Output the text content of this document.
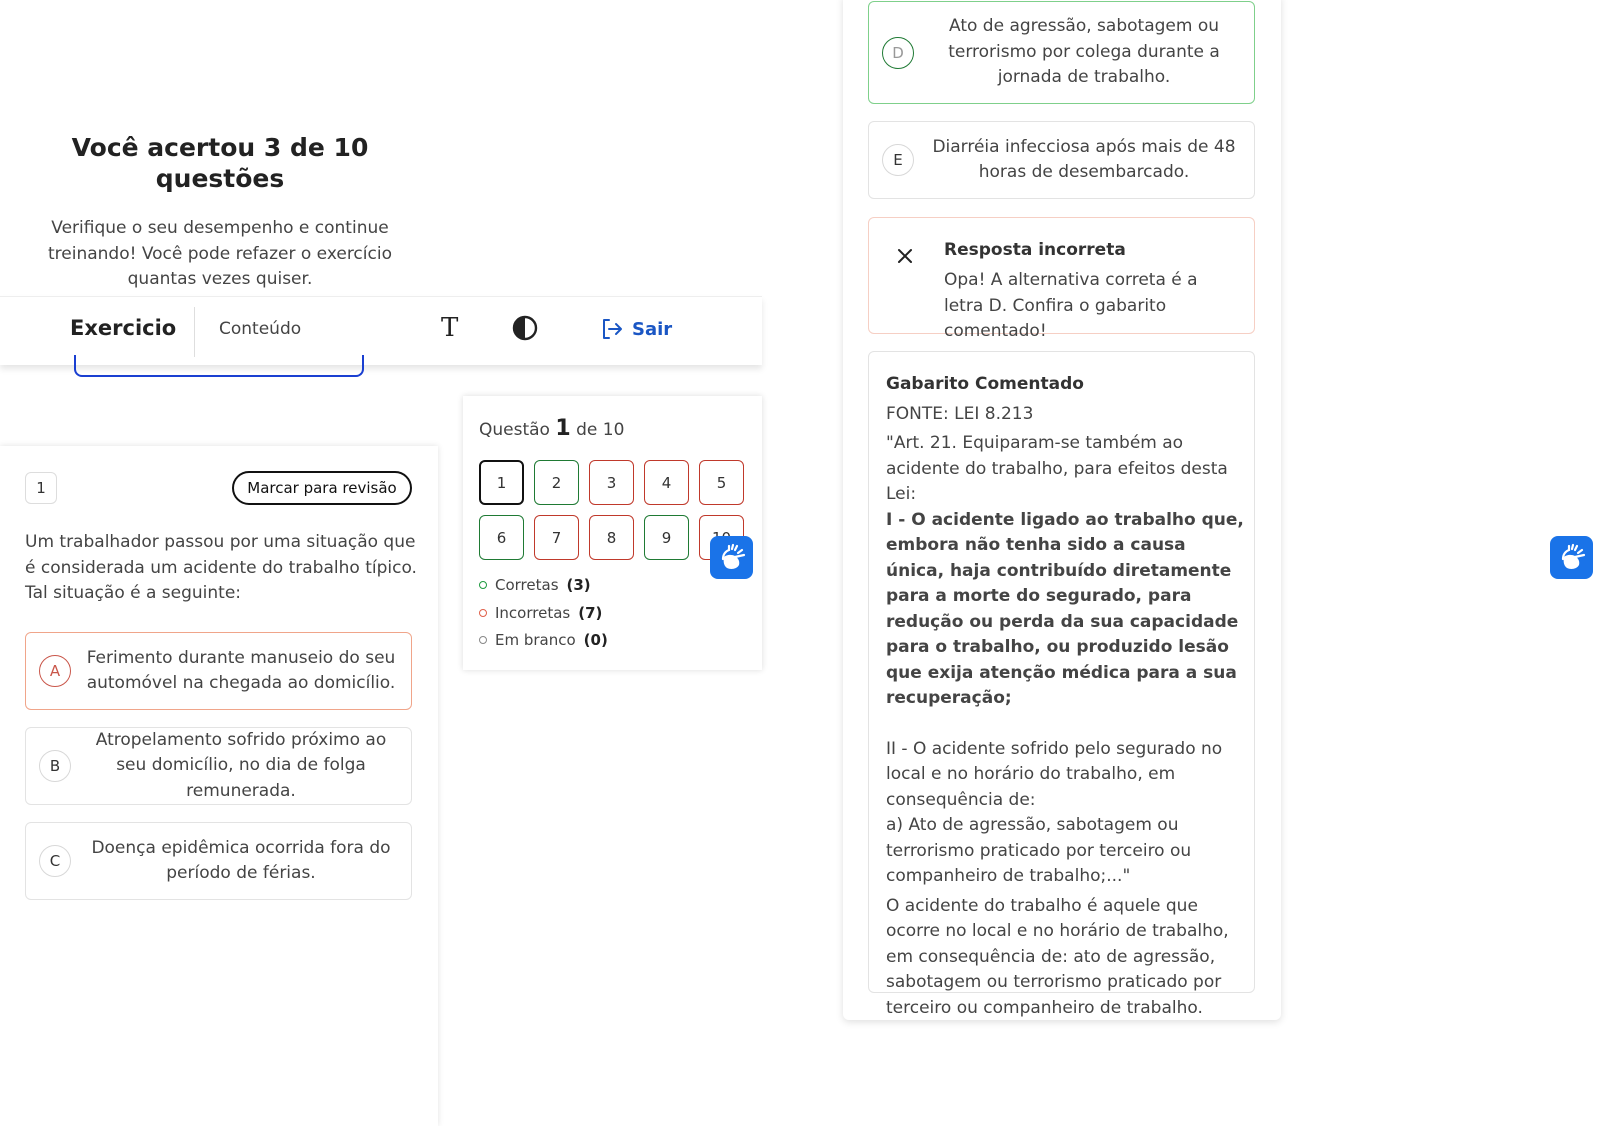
Você acertou 3 de 10 questões
Verifique o seu desempenho e continue treinando! Você pode refazer o exercício quantas vezes quiser.
Exercicio	Conteúdo	T	Sair
1	Marcar para revisão
Um trabalhador passou por uma situação que é considerada um acidente do trabalho típico.
Tal situação é a seguinte:
A
Ferimento durante manuseio do seu automóvel na chegada ao domicílio.
B
Atropelamento sofrido próximo ao seu domicílio, no dia de folga remunerada.
C
Doença epidêmica ocorrida fora do período de férias.
Questão 1 de 10
1	2	3	4	5
6	7	8	9
Corretas (3)
Incorretas (7)
Em branco (0)
D
Ato de agressão, sabotagem ou terrorismo por colega durante a jornada de trabalho.
E
Diarréia infecciosa após mais de 48 horas de desembarcado.
Resposta incorreta
Opa! A alternativa correta é a letra D. Confira o gabarito comentado!

Gabarito Comentado

FONTE: LEI 8.213

"Art. 21. Equiparam-se também ao acidente do trabalho, para efeitos desta Lei:

I - O acidente ligado ao trabalho que, embora não tenha sido a causa única, haja contribuído diretamente para a morte do segurado, para redução ou perda da sua capacidade para o trabalho, ou produzido lesão que exija atenção médica para a sua recuperação;

II - O acidente sofrido pelo segurado no local e no horário do trabalho, em consequência de:

a) Ato de agressão, sabotagem ou terrorismo praticado por terceiro ou companheiro de trabalho;..."

O acidente do trabalho é aquele que ocorre no local e no horário de trabalho, em consequência de: ato de agressão, sabotagem ou terrorismo praticado por terceiro ou companheiro de trabalho.
